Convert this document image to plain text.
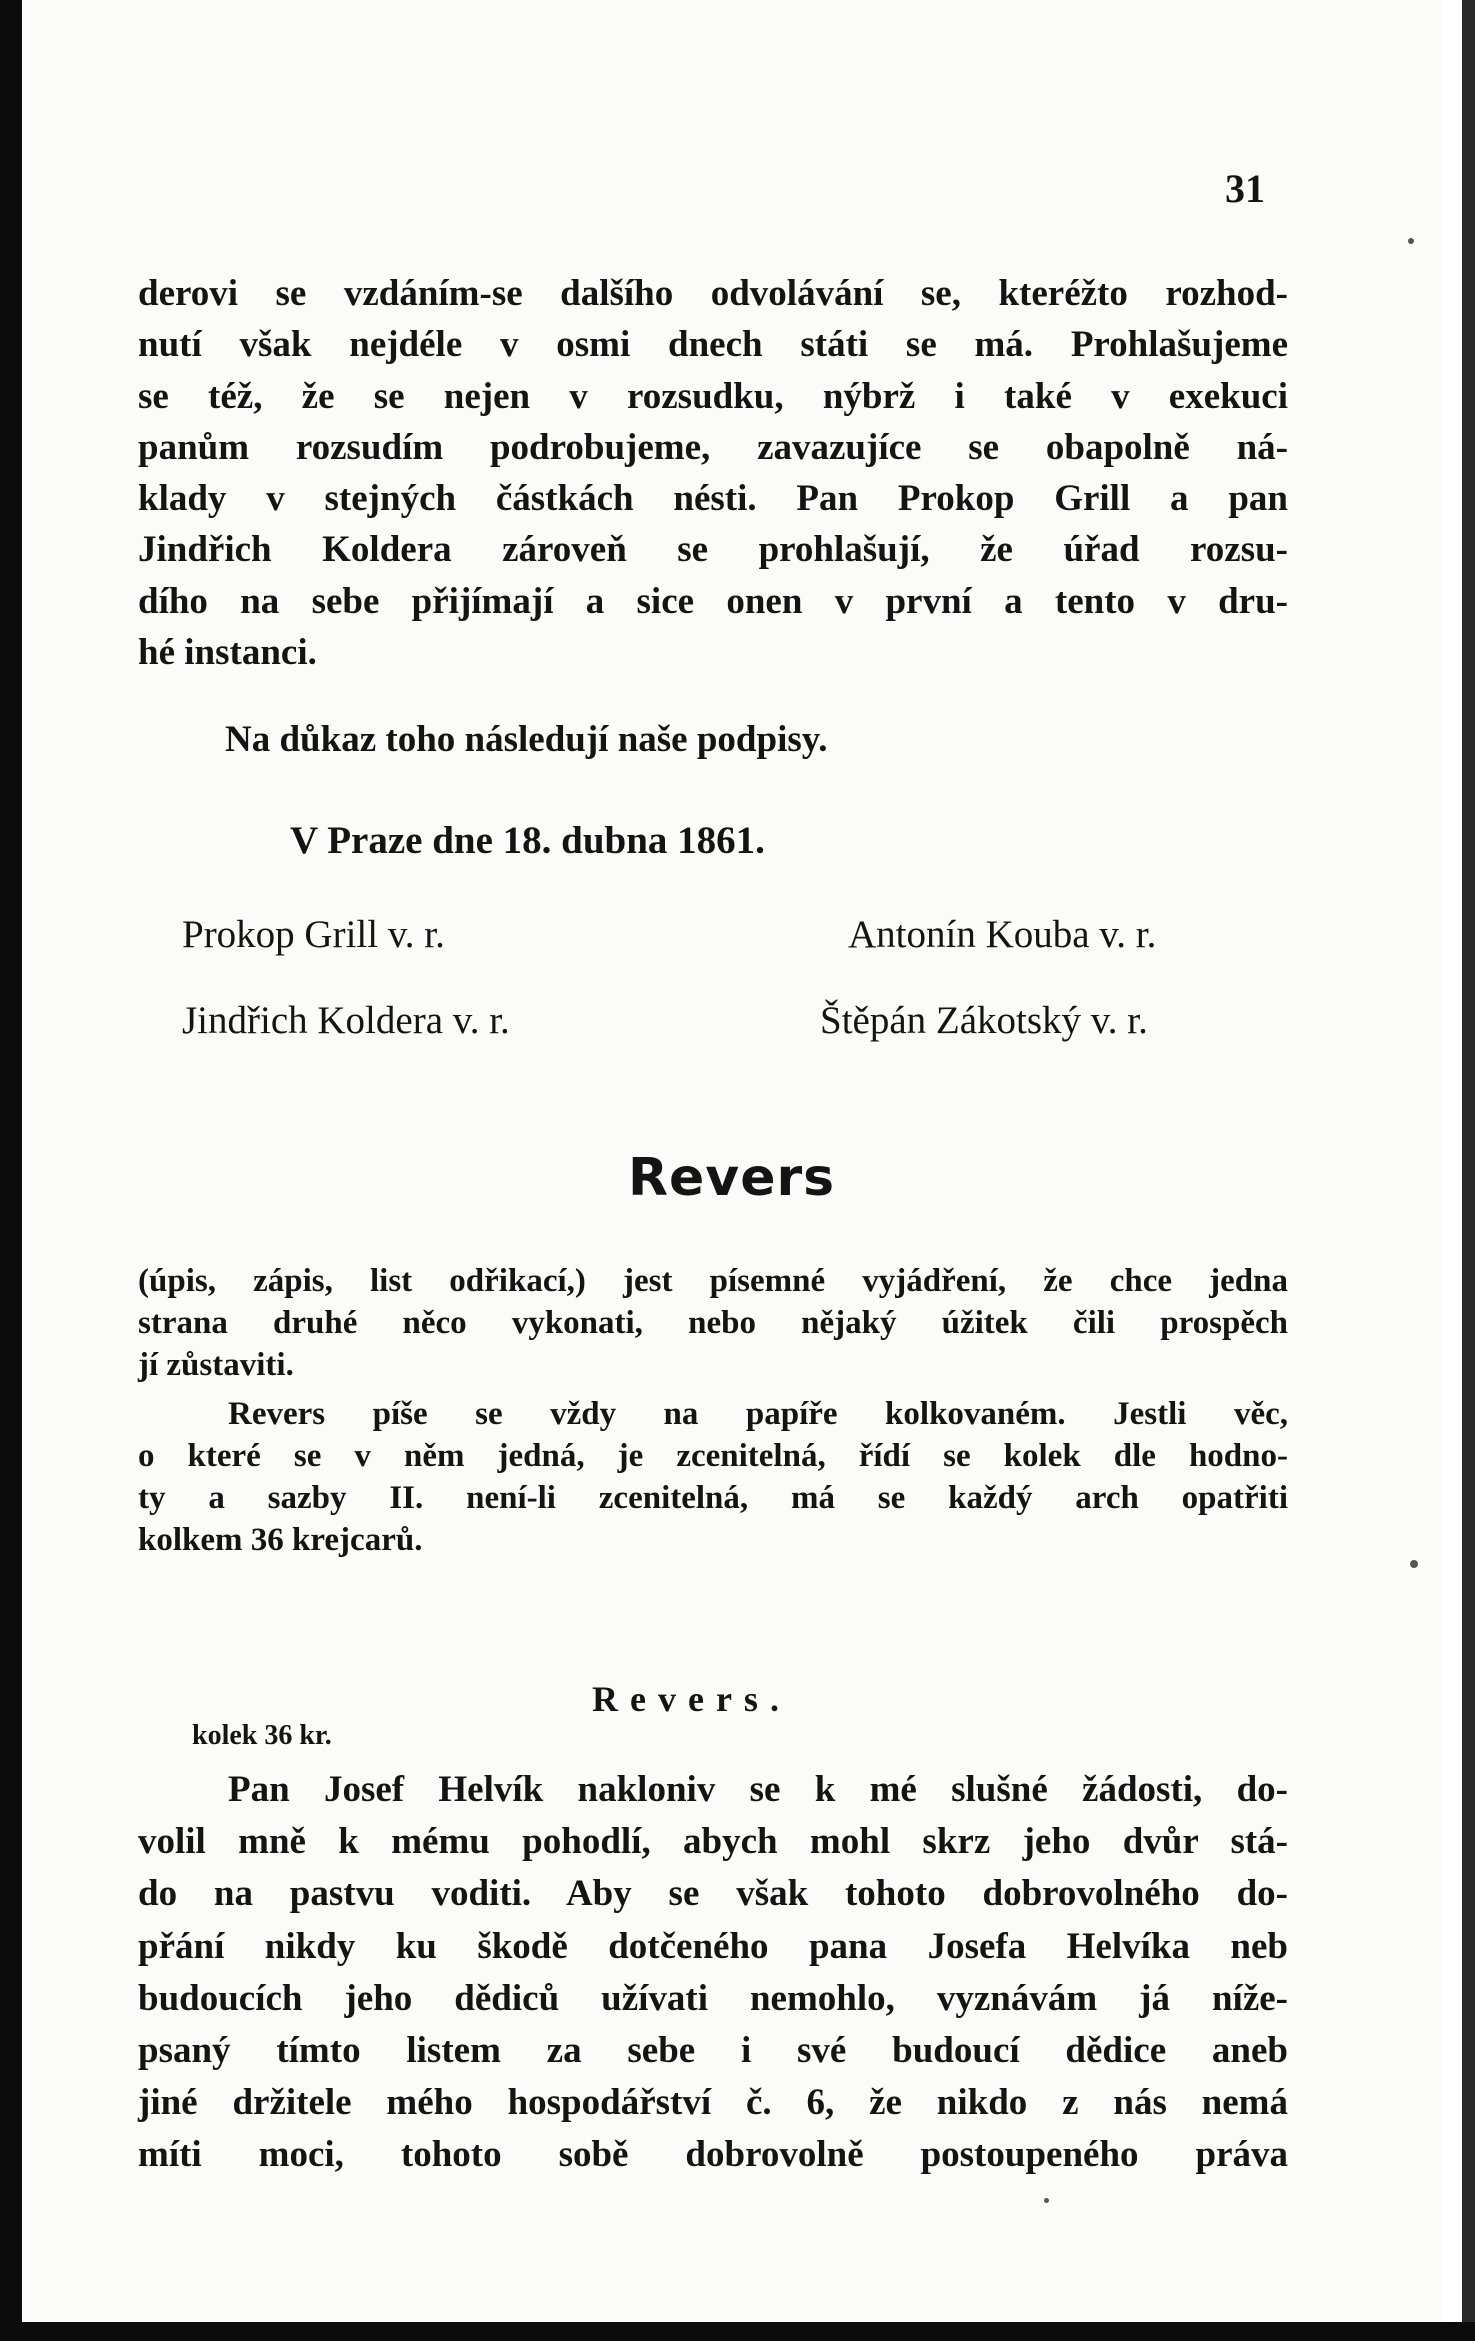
31
derovi se vzdáním-se dalšího odvolávání se, kteréžto rozhod-
nutí však nejdéle v osmi dnech státi se má. Prohlašujeme
se též, že se nejen v rozsudku, nýbrž i také v exekuci
panům rozsudím podrobujeme, zavazujíce se obapolně ná-
klady v stejných částkách nésti. Pan Prokop Grill a pan
Jindřich Koldera zároveň se prohlašují, že úřad rozsu-
dího na sebe přijímají a sice onen v první a tento v dru-
hé instanci.
Na důkaz toho následují naše podpisy.
V Praze dne 18. dubna 1861.
Prokop Grill v. r.	Antonín Kouba v. r.
Jindřich Koldera v. r.	Štěpán Zákotský v. r.
Revers
(úpis, zápis, list odřikací,) jest písemné vyjádření, že chce jedna
strana druhé něco vykonati, nebo nějaký úžitek čili prospěch
jí zůstaviti.
Revers píše se vždy na papíře kolkovaném. Jestli věc,
o které se v něm jedná, je zcenitelná, řídí se kolek dle hodno-
ty a sazby II. není-li zcenitelná, má se každý arch opatřiti
kolkem 36 krejcarů.
Revers.
kolek 36 kr.
Pan Josef Helvík nakloniv se k mé slušné žádosti, do-
volil mně k mému pohodlí, abych mohl skrz jeho dvůr stá-
do na pastvu voditi. Aby se však tohoto dobrovolného do-
přání nikdy ku škodě dotčeného pana Josefa Helvíka neb
budoucích jeho dědiců užívati nemohlo, vyznávám já níže-
psaný tímto listem za sebe i své budoucí dědice aneb
jiné držitele mého hospodářství č. 6, že nikdo z nás nemá
míti moci, tohoto sobě dobrovolně postoupeného práva
